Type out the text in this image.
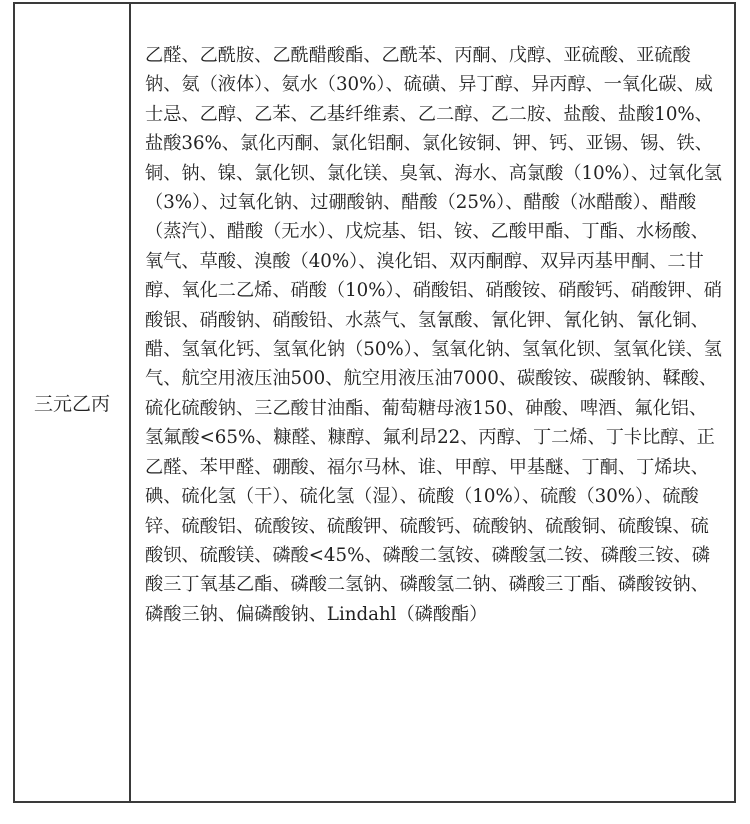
三元乙丙	
乙醛、乙酰胺、乙酰醋酸酯、乙酰苯、丙酮、戊醇、亚硫酸、亚硫酸钠、氨（液体）、氨水（30%）、硫磺、异丁醇、异丙醇、一氧化碳、威士忌、乙醇、乙苯、乙基纤维素、乙二醇、乙二胺、盐酸、盐酸10%、盐酸36%、氯化丙酮、氯化铝酮、氯化铵铜、钾、钙、亚锡、锡、铁、铜、钠、镍、氯化钡、氯化镁、臭氧、海水、高氯酸（10%）、过氧化氢（3%）、过氧化钠、过硼酸钠、醋酸（25%）、醋酸（冰醋酸）、醋酸（蒸汽）、醋酸（无水）、戊烷基、铝、铵、乙酸甲酯、丁酯、水杨酸、氧气、草酸、溴酸（40%）、溴化铝、双丙酮醇、双异丙基甲酮、二甘醇、氧化二乙烯、硝酸（10%）、硝酸铝、硝酸铵、硝酸钙、硝酸钾、硝酸银、硝酸钠、硝酸铅、水蒸气、氢氰酸、氰化钾、氰化钠、氰化铜、醋、氢氧化钙、氢氧化钠（50%）、氢氧化钠、氢氧化钡、氢氧化镁、氢气、航空用液压油500、航空用液压油7000、碳酸铵、碳酸钠、鞣酸、硫化硫酸钠、三乙酸甘油酯、葡萄糖母液150、砷酸、啤酒、氟化铝、氢氟酸<65%、糠醛、糠醇、氟利昂22、丙醇、丁二烯、丁卡比醇、正乙醛、苯甲醛、硼酸、福尔马林、谁、甲醇、甲基醚、丁酮、丁烯块、碘、硫化氢（干）、硫化氢（湿）、硫酸（10%）、硫酸（30%）、硫酸锌、硫酸铝、硫酸铵、硫酸钾、硫酸钙、硫酸钠、硫酸铜、硫酸镍、硫酸钡、硫酸镁、磷酸<45%、磷酸二氢铵、磷酸氢二铵、磷酸三铵、磷酸三丁氧基乙酯、磷酸二氢钠、磷酸氢二钠、磷酸三丁酯、磷酸铵钠、磷酸三钠、偏磷酸钠、Lindahl（磷酸酯）
